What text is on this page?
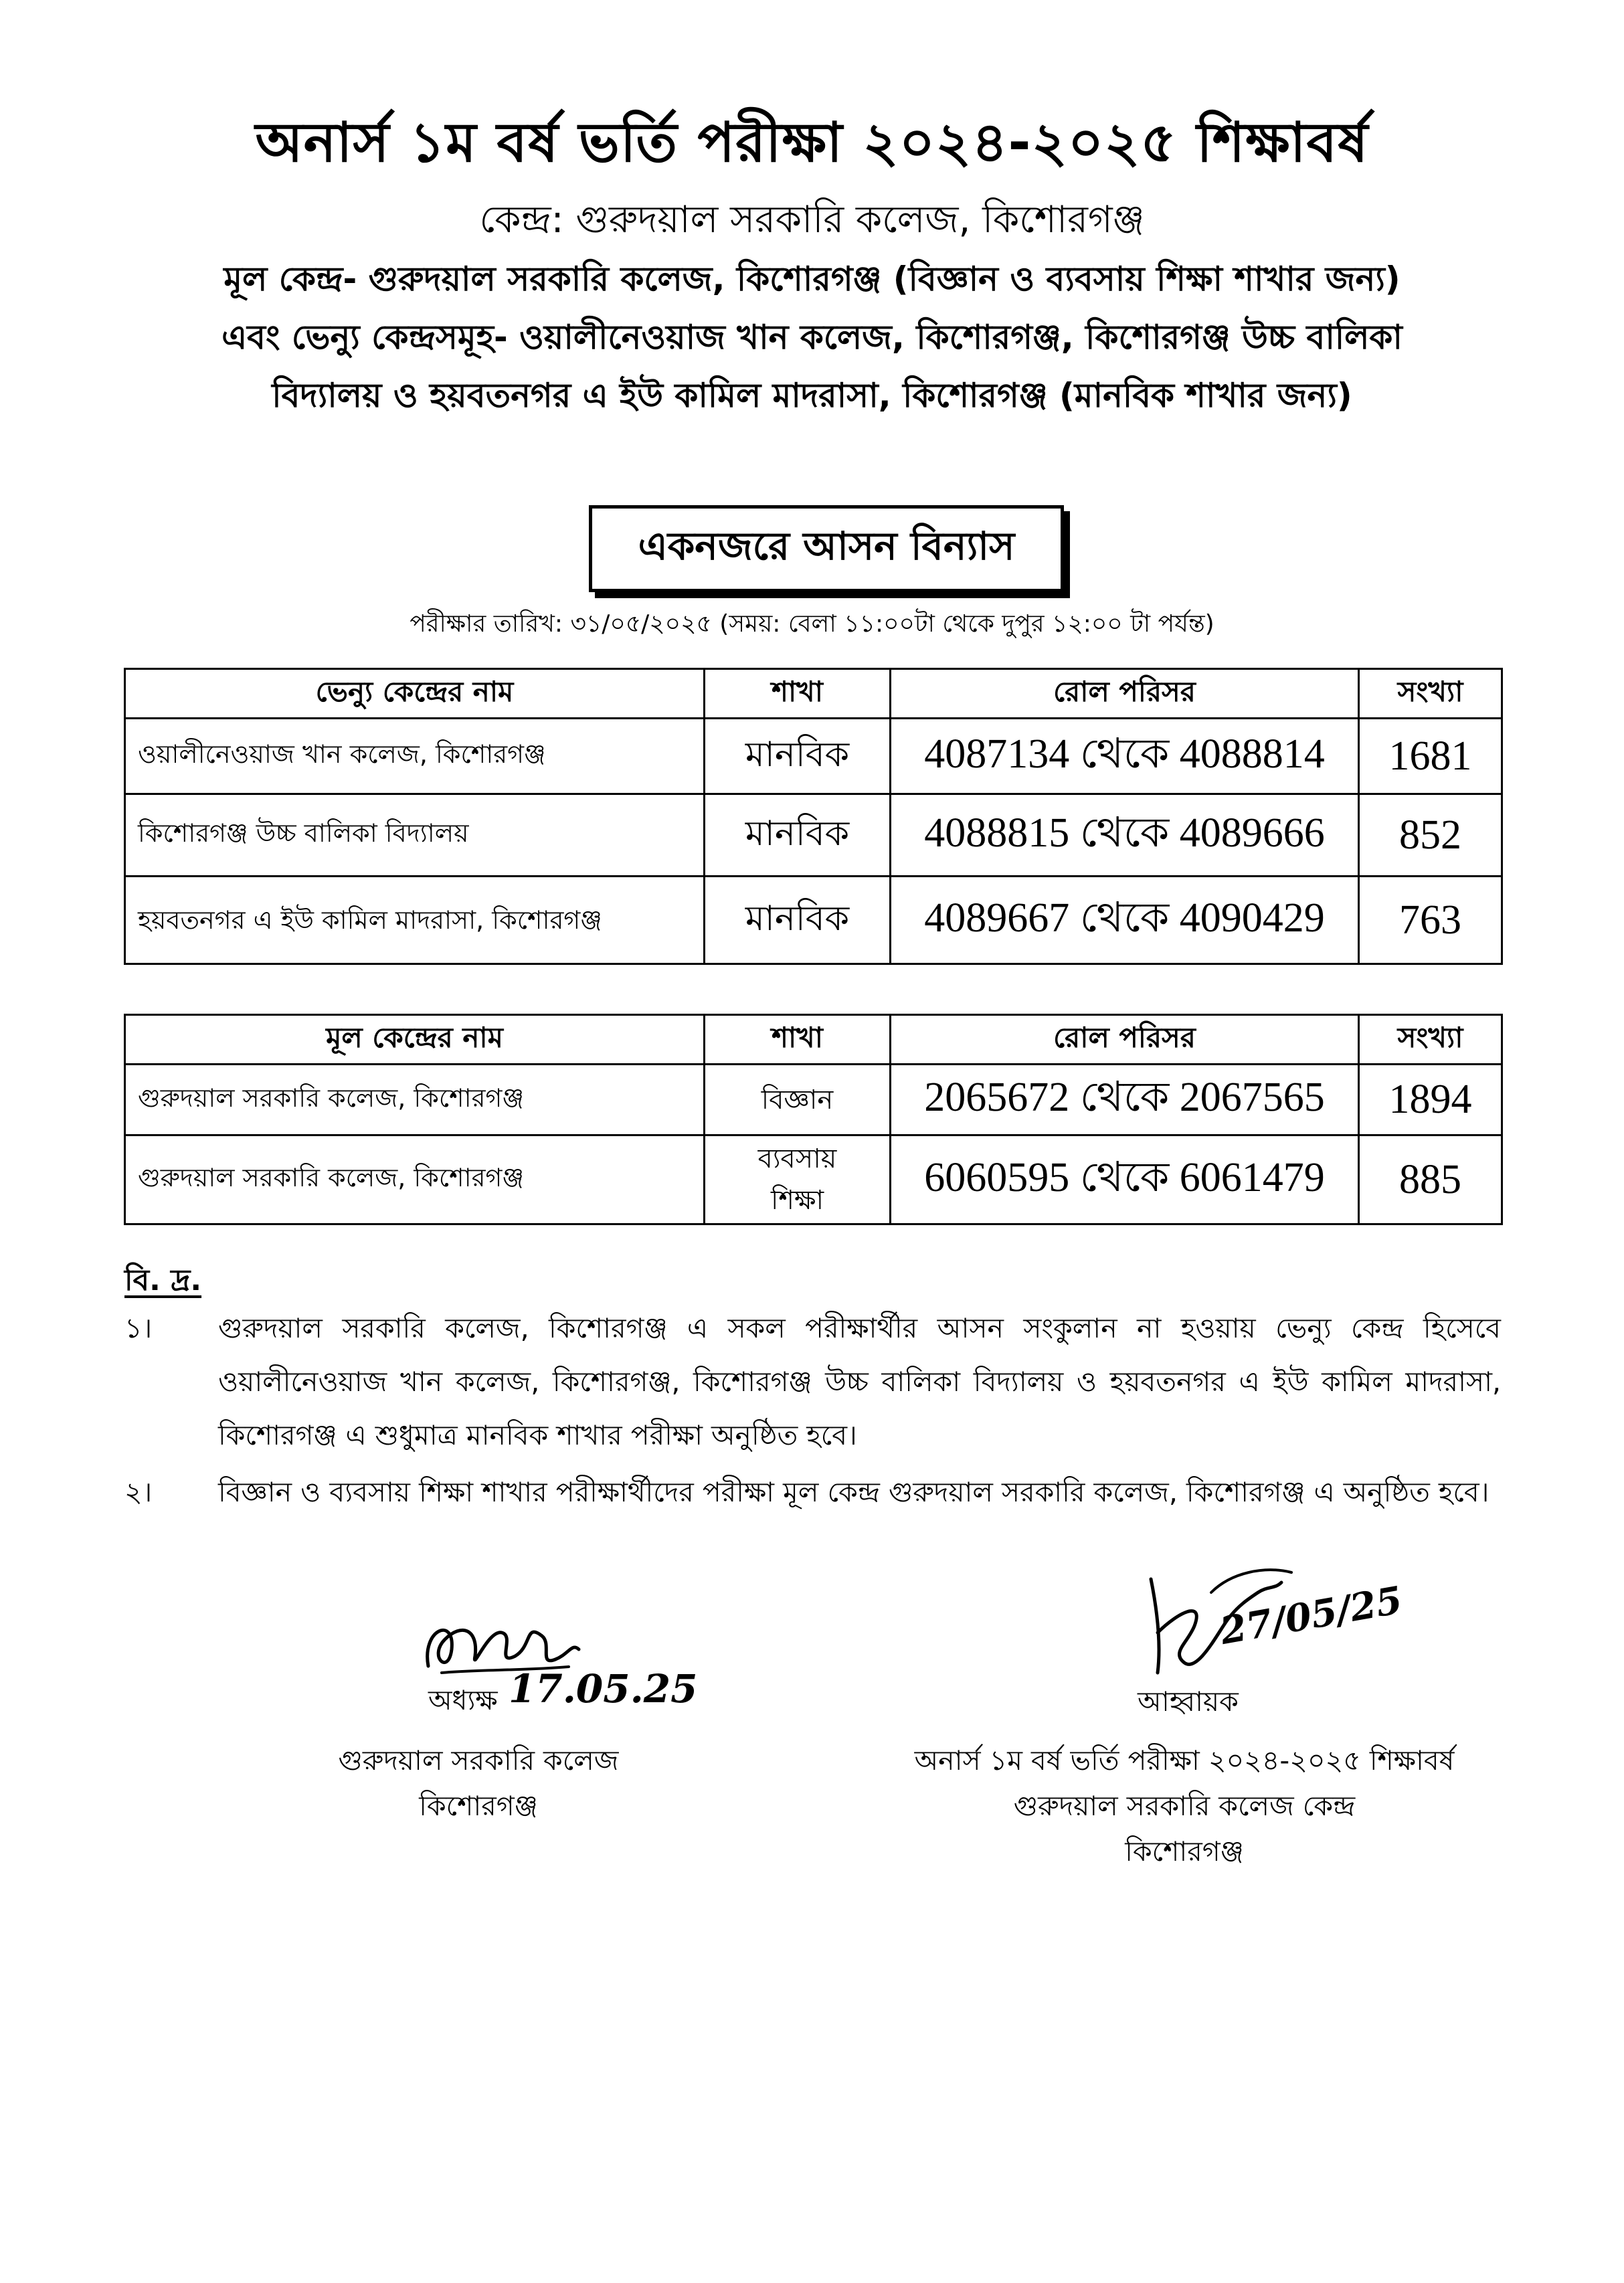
অনার্স ১ম বর্ষ ভর্তি পরীক্ষা ২০২৪-২০২৫ শিক্ষাবর্ষ
কেন্দ্র: গুরুদয়াল সরকারি কলেজ, কিশোরগঞ্জ
মূল কেন্দ্র- গুরুদয়াল সরকারি কলেজ, কিশোরগঞ্জ (বিজ্ঞান ও ব্যবসায় শিক্ষা শাখার জন্য)
এবং ভেন্যু কেন্দ্রসমূহ- ওয়ালীনেওয়াজ খান কলেজ, কিশোরগঞ্জ, কিশোরগঞ্জ উচ্চ বালিকা
বিদ্যালয় ও হয়বতনগর এ ইউ কামিল মাদরাসা, কিশোরগঞ্জ (মানবিক শাখার জন্য)
একনজরে আসন বিন্যাস
পরীক্ষার তারিখ: ৩১/০৫/২০২৫ (সময়: বেলা ১১:০০টা থেকে দুপুর ১২:০০ টা পর্যন্ত)
ভেন্যু কেন্দ্রের নাম	শাখা	রোল পরিসর	সংখ্যা
ওয়ালীনেওয়াজ খান কলেজ, কিশোরগঞ্জ	মানবিক	4087134 থেকে 4088814	1681
কিশোরগঞ্জ উচ্চ বালিকা বিদ্যালয়	মানবিক	4088815 থেকে 4089666	852
হয়বতনগর এ ইউ কামিল মাদরাসা, কিশোরগঞ্জ	মানবিক	4089667 থেকে 4090429	763
মূল কেন্দ্রের নাম	শাখা	রোল পরিসর	সংখ্যা
গুরুদয়াল সরকারি কলেজ, কিশোরগঞ্জ	বিজ্ঞান	2065672 থেকে 2067565	1894
গুরুদয়াল সরকারি কলেজ, কিশোরগঞ্জ	ব্যবসায় শিক্ষা	6060595 থেকে 6061479	885
বি. দ্র.
১। গুরুদয়াল সরকারি কলেজ, কিশোরগঞ্জ এ সকল পরীক্ষার্থীর আসন সংকুলান না হওয়ায় ভেন্যু কেন্দ্র হিসেবে ওয়ালীনেওয়াজ খান কলেজ, কিশোরগঞ্জ, কিশোরগঞ্জ উচ্চ বালিকা বিদ্যালয় ও হয়বতনগর এ ইউ কামিল মাদরাসা, কিশোরগঞ্জ এ শুধুমাত্র মানবিক শাখার পরীক্ষা অনুষ্ঠিত হবে।
২। বিজ্ঞান ও ব্যবসায় শিক্ষা শাখার পরীক্ষার্থীদের পরীক্ষা মূল কেন্দ্র গুরুদয়াল সরকারি কলেজ, কিশোরগঞ্জ এ অনুষ্ঠিত হবে।
অধ্যক্ষ 17.05.25
গুরুদয়াল সরকারি কলেজ
কিশোরগঞ্জ
27/05/25
আহ্বায়ক
অনার্স ১ম বর্ষ ভর্তি পরীক্ষা ২০২৪-২০২৫ শিক্ষাবর্ষ
গুরুদয়াল সরকারি কলেজ কেন্দ্র
কিশোরগঞ্জ
